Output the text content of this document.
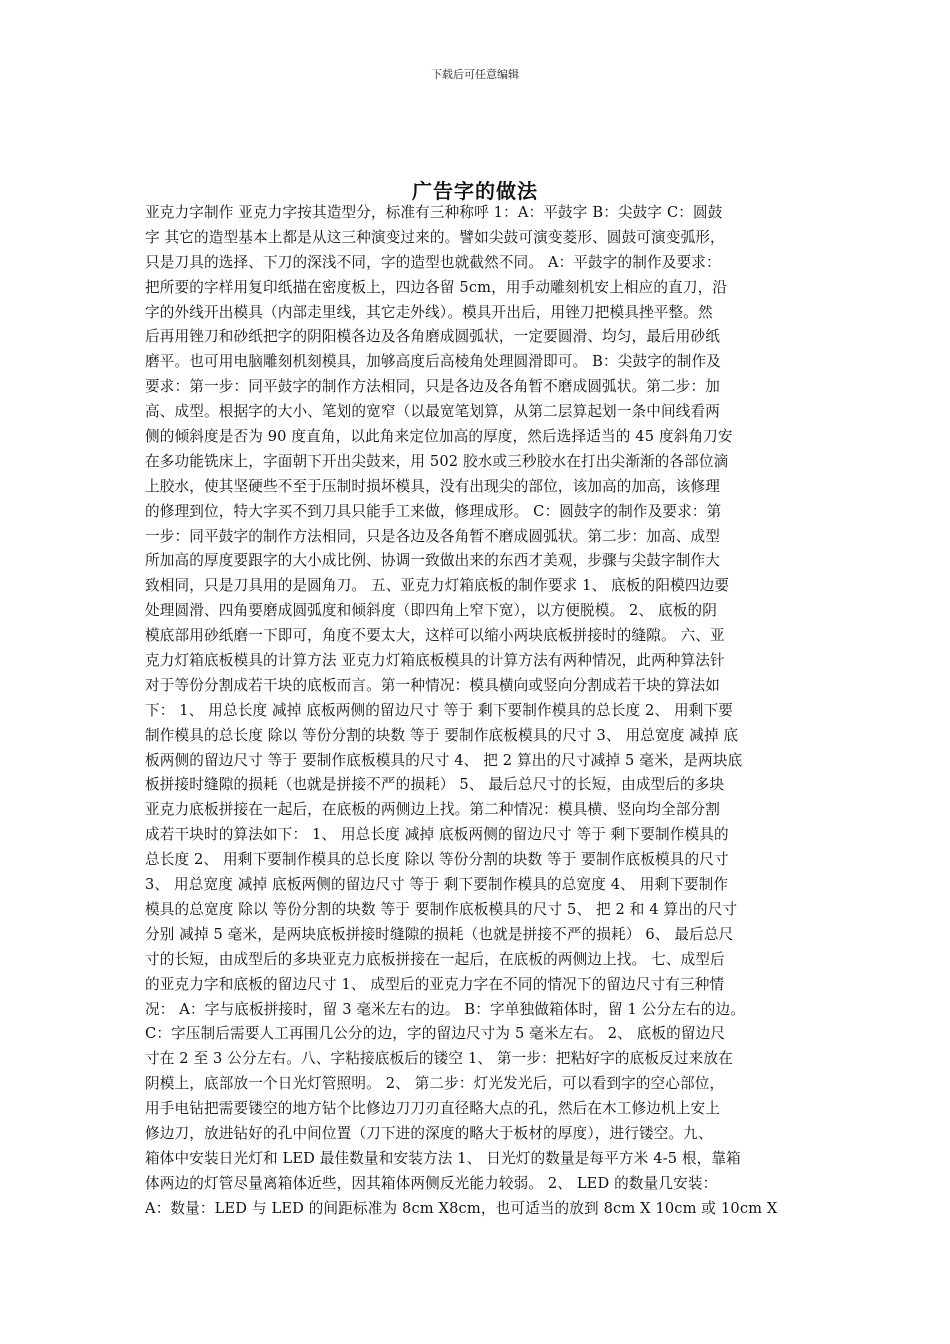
下载后可任意编辑
广告字的做法
亚克力字制作 亚克力字按其造型分，标准有三种称呼 1：A：平鼓字 B：尖鼓字 C：圆鼓
字 其它的造型基本上都是从这三种演变过来的。譬如尖鼓可演变菱形、圆鼓可演变弧形，
只是刀具的选择、下刀的深浅不同，字的造型也就截然不同。 A：平鼓字的制作及要求：
把所要的字样用复印纸描在密度板上，四边各留 5cm，用手动雕刻机安上相应的直刀，沿
字的外线开出模具（内部走里线，其它走外线）。模具开出后，用锉刀把模具挫平整。然
后再用锉刀和砂纸把字的阴阳模各边及各角磨成圆弧状，一定要圆滑、均匀，最后用砂纸
磨平。也可用电脑雕刻机刻模具，加够高度后高棱角处理圆滑即可。 B：尖鼓字的制作及
要求：第一步：同平鼓字的制作方法相同，只是各边及各角暂不磨成圆弧状。第二步：加
高、成型。根据字的大小、笔划的宽窄（以最宽笔划算，从第二层算起划一条中间线看两
侧的倾斜度是否为 90 度直角，以此角来定位加高的厚度，然后选择适当的 45 度斜角刀安
在多功能铣床上，字面朝下开出尖鼓来，用 502 胶水或三秒胶水在打出尖渐渐的各部位滴
上胶水，使其坚硬些不至于压制时损坏模具，没有出现尖的部位，该加高的加高，该修理
的修理到位，特大字买不到刀具只能手工来做，修理成形。 C：圆鼓字的制作及要求：第
一步：同平鼓字的制作方法相同，只是各边及各角暂不磨成圆弧状。第二步：加高、成型
所加高的厚度要跟字的大小成比例、协调一致做出来的东西才美观，步骤与尖鼓字制作大
致相同，只是刀具用的是圆角刀。 五、亚克力灯箱底板的制作要求 1、 底板的阳模四边要
处理圆滑、四角要磨成圆弧度和倾斜度（即四角上窄下宽），以方便脱模。 2、 底板的阴
模底部用砂纸磨一下即可，角度不要太大，这样可以缩小两块底板拼接时的缝隙。 六、亚
克力灯箱底板模具的计算方法 亚克力灯箱底板模具的计算方法有两种情况，此两种算法针
对于等份分割成若干块的底板而言。第一种情况：模具横向或竖向分割成若干块的算法如
下： 1、 用总长度 减掉 底板两侧的留边尺寸 等于 剩下要制作模具的总长度 2、 用剩下要
制作模具的总长度 除以 等份分割的块数 等于 要制作底板模具的尺寸 3、 用总宽度 减掉 底
板两侧的留边尺寸 等于 要制作底板模具的尺寸 4、 把 2 算出的尺寸减掉 5 毫米，是两块底
板拼接时缝隙的损耗（也就是拼接不严的损耗） 5、 最后总尺寸的长短，由成型后的多块
亚克力底板拼接在一起后，在底板的两侧边上找。第二种情况：模具横、竖向均全部分割
成若干块时的算法如下： 1、 用总长度 减掉 底板两侧的留边尺寸 等于 剩下要制作模具的
总长度 2、 用剩下要制作模具的总长度 除以 等份分割的块数 等于 要制作底板模具的尺寸
3、 用总宽度 减掉 底板两侧的留边尺寸 等于 剩下要制作模具的总宽度 4、 用剩下要制作
模具的总宽度 除以 等份分割的块数 等于 要制作底板模具的尺寸 5、 把 2 和 4 算出的尺寸
分别 减掉 5 毫米，是两块底板拼接时缝隙的损耗（也就是拼接不严的损耗） 6、 最后总尺
寸的长短，由成型后的多块亚克力底板拼接在一起后，在底板的两侧边上找。 七、成型后
的亚克力字和底板的留边尺寸 1、 成型后的亚克力字在不同的情况下的留边尺寸有三种情
况： A：字与底板拼接时，留 3 毫米左右的边。 B：字单独做箱体时，留 1 公分左右的边。
C：字压制后需要人工再围几公分的边，字的留边尺寸为 5 毫米左右。 2、 底板的留边尺
寸在 2 至 3 公分左右。八、字粘接底板后的镂空 1、 第一步：把粘好字的底板反过来放在
阴模上，底部放一个日光灯管照明。 2、 第二步：灯光发光后，可以看到字的空心部位，
用手电钻把需要镂空的地方钻个比修边刀刀刃直径略大点的孔，然后在木工修边机上安上
修边刀，放进钻好的孔中间位置（刀下进的深度的略大于板材的厚度），进行镂空。九、
箱体中安装日光灯和 LED 最佳数量和安装方法 1、 日光灯的数量是每平方米 4-5 根，靠箱
体两边的灯管尽量离箱体近些，因其箱体两侧反光能力较弱。 2、 LED 的数量几安装：
A：数量：LED 与 LED 的间距标准为 8cm X8cm，也可适当的放到 8cm X 10cm 或 10cm X
